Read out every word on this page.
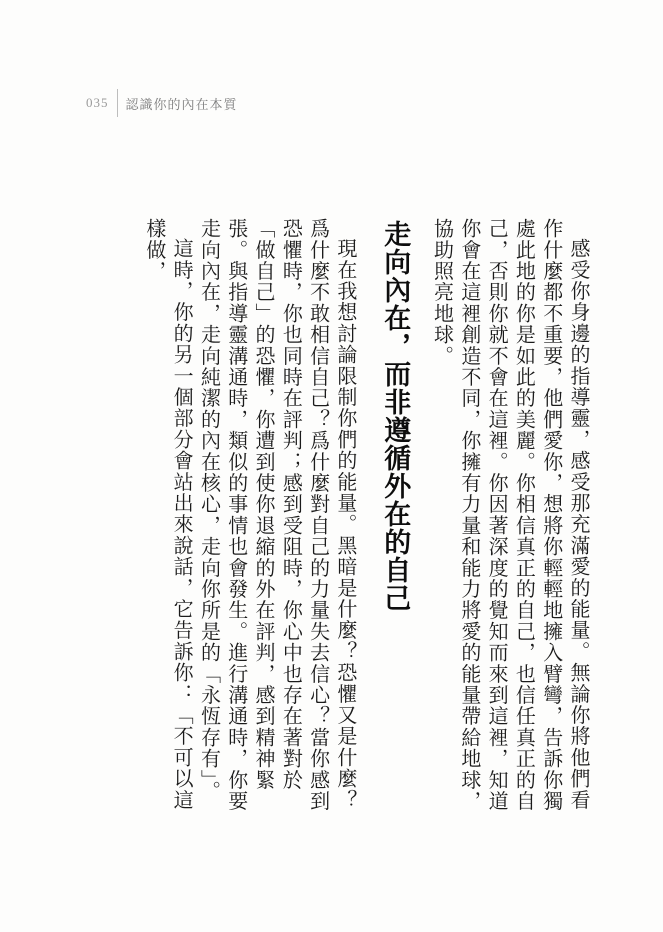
035 認識你的內在本質

感受你身邊的指導靈，感受那充滿愛的能量。無論你將他們看作什麼都不重要，他們愛你，想將你輕輕地擁入臂彎，告訴你獨處此地的你是如此的美麗。你相信真正的自己，也信任真正的自己，否則你就不會在這裡。你因著深度的覺知而來到這裡，知道你會在這裡創造不同，你擁有力量和能力將愛的能量帶給地球，協助照亮地球。

走向內在，而非遵循外在的自己

現在我想討論限制你們的能量。黑暗是什麼？恐懼又是什麼？爲什麼不敢相信自己？爲什麼對自己的力量失去信心？當你感到恐懼時，你也同時在評判；感到受阻時，你心中也存在著對於「做自己」的恐懼，你遭到使你退縮的外在評判，感到精神緊張。與指導靈溝通時，類似的事情也會發生。進行溝通時，你要走向內在，走向純潔的內在核心，走向你所是的「永恆存有」。

這時，你的另一個部分會站出來說話，它告訴你：「不可以這樣做，
